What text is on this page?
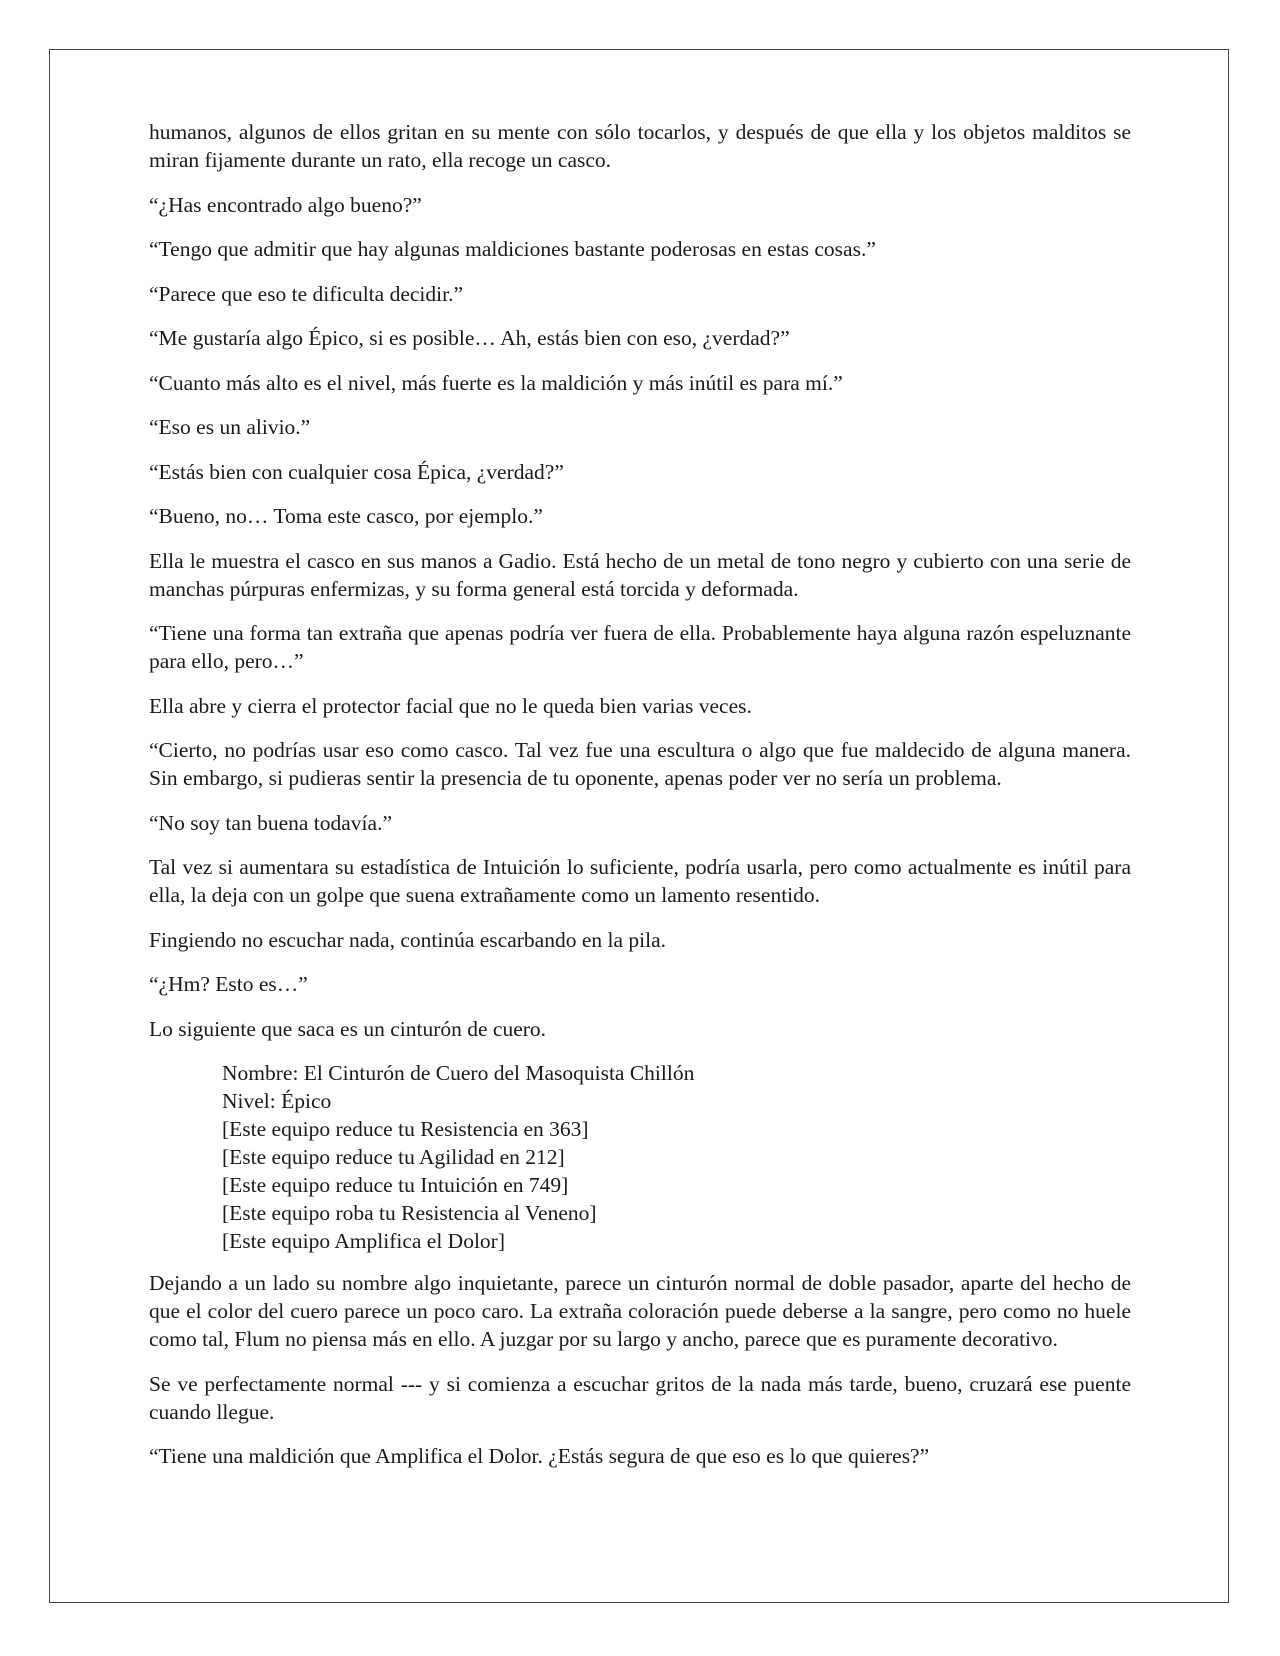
humanos, algunos de ellos gritan en su mente con sólo tocarlos, y después de que ella y los objetos malditos se miran fijamente durante un rato, ella recoge un casco.

“¿Has encontrado algo bueno?”

“Tengo que admitir que hay algunas maldiciones bastante poderosas en estas cosas.”

“Parece que eso te dificulta decidir.”

“Me gustaría algo Épico, si es posible… Ah, estás bien con eso, ¿verdad?”

“Cuanto más alto es el nivel, más fuerte es la maldición y más inútil es para mí.”

“Eso es un alivio.”

“Estás bien con cualquier cosa Épica, ¿verdad?”

“Bueno, no… Toma este casco, por ejemplo.”

Ella le muestra el casco en sus manos a Gadio. Está hecho de un metal de tono negro y cubierto con una serie de manchas púrpuras enfermizas, y su forma general está torcida y deformada.

“Tiene una forma tan extraña que apenas podría ver fuera de ella. Probablemente haya alguna razón espeluznante para ello, pero…”

Ella abre y cierra el protector facial que no le queda bien varias veces.

“Cierto, no podrías usar eso como casco. Tal vez fue una escultura o algo que fue maldecido de alguna manera. Sin embargo, si pudieras sentir la presencia de tu oponente, apenas poder ver no sería un problema.

“No soy tan buena todavía.”

Tal vez si aumentara su estadística de Intuición lo suficiente, podría usarla, pero como actualmente es inútil para ella, la deja con un golpe que suena extrañamente como un lamento resentido.

Fingiendo no escuchar nada, continúa escarbando en la pila.

“¿Hm? Esto es…”

Lo siguiente que saca es un cinturón de cuero.

Nombre: El Cinturón de Cuero del Masoquista Chillón
Nivel: Épico
[Este equipo reduce tu Resistencia en 363]
[Este equipo reduce tu Agilidad en 212]
[Este equipo reduce tu Intuición en 749]
[Este equipo roba tu Resistencia al Veneno]
[Este equipo Amplifica el Dolor]

Dejando a un lado su nombre algo inquietante, parece un cinturón normal de doble pasador, aparte del hecho de que el color del cuero parece un poco caro. La extraña coloración puede deberse a la sangre, pero como no huele como tal, Flum no piensa más en ello. A juzgar por su largo y ancho, parece que es puramente decorativo.

Se ve perfectamente normal --- y si comienza a escuchar gritos de la nada más tarde, bueno, cruzará ese puente cuando llegue.

“Tiene una maldición que Amplifica el Dolor. ¿Estás segura de que eso es lo que quieres?”
